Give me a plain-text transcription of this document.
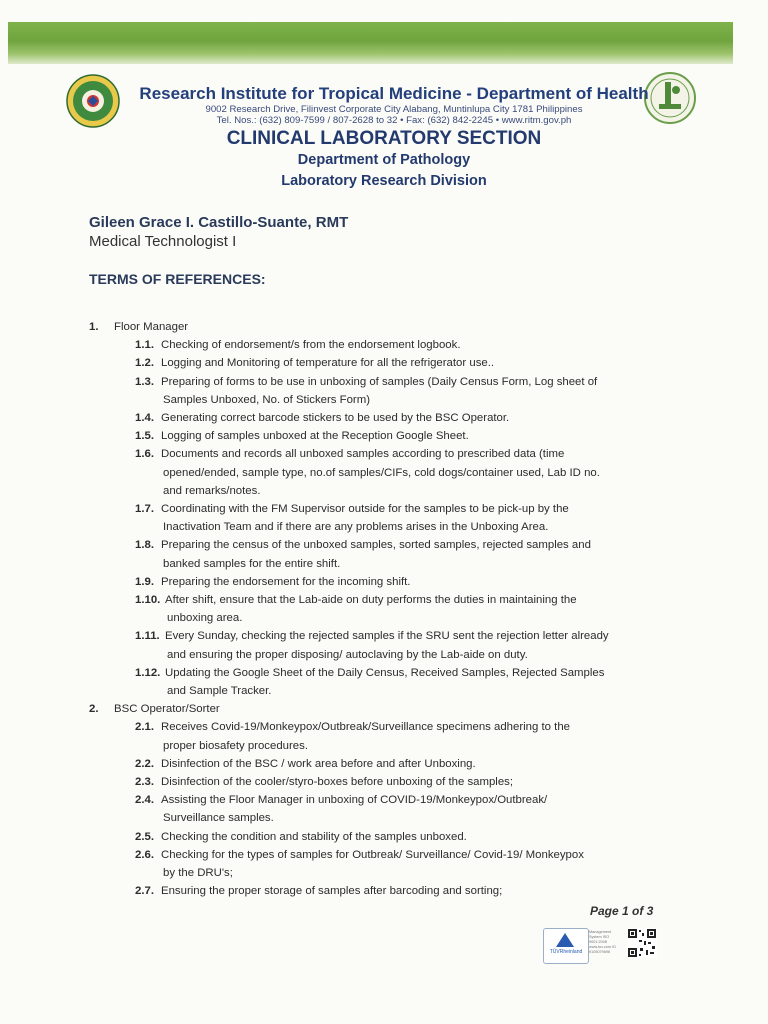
Research Institute for Tropical Medicine - Department of Health
9002 Research Drive, Filinvest Corporate City Alabang, Muntinlupa City 1781 Philippines
Tel. Nos.: (632) 809-7599 / 807-2628 to 32 • Fax: (632) 842-2245 • www.ritm.gov.ph
CLINICAL LABORATORY SECTION
Department of Pathology
Laboratory Research Division
Gileen Grace I. Castillo-Suante, RMT
Medical Technologist I
TERMS OF REFERENCES:
1. Floor Manager
1.1. Checking of endorsement/s from the endorsement logbook.
1.2. Logging and Monitoring of temperature for all the refrigerator use..
1.3. Preparing of forms to be use in unboxing of samples (Daily Census Form, Log sheet of
Samples Unboxed, No. of Stickers Form)
1.4. Generating correct barcode stickers to be used by the BSC Operator.
1.5. Logging of samples unboxed at the Reception Google Sheet.
1.6. Documents and records all unboxed samples according to prescribed data (time
opened/ended, sample type, no.of samples/CIFs, cold dogs/container used, Lab ID no.
and remarks/notes.
1.7. Coordinating with the FM Supervisor outside for the samples to be pick-up by the
Inactivation Team and if there are any problems arises in the Unboxing Area.
1.8. Preparing the census of the unboxed samples, sorted samples, rejected samples and
banked samples for the entire shift.
1.9. Preparing the endorsement for the incoming shift.
1.10. After shift, ensure that the Lab-aide on duty performs the duties in maintaining the
unboxing area.
1.11. Every Sunday, checking the rejected samples if the SRU sent the rejection letter already
and ensuring the proper disposing/ autoclaving by the Lab-aide on duty.
1.12. Updating the Google Sheet of the Daily Census, Received Samples, Rejected Samples
and Sample Tracker.
2. BSC Operator/Sorter
2.1. Receives Covid-19/Monkeypox/Outbreak/Surveillance specimens adhering to the
proper biosafety procedures.
2.2. Disinfection of the BSC / work area before and after Unboxing.
2.3. Disinfection of the cooler/styro-boxes before unboxing of the samples;
2.4. Assisting the Floor Manager in unboxing of COVID-19/Monkeypox/Outbreak/
Surveillance samples.
2.5. Checking the condition and stability of the samples unboxed.
2.6. Checking for the types of samples for Outbreak/ Surveillance/ Covid-19/ Monkeypox
by the DRU's;
2.7. Ensuring the proper storage of samples after barcoding and sorting;
Page 1 of 3
TÜVRheinland
Management System ISO 9001:2008 www.tuv.com ID 9105079696
